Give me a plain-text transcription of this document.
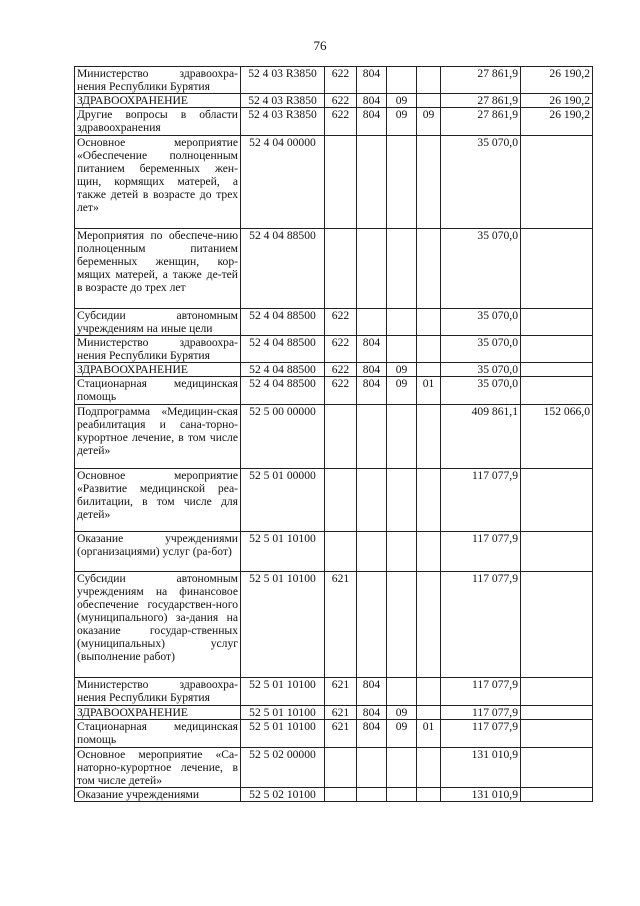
76
Министерство здравоохра-нения Республики Бурятия	52 4 03 R3850	622	804			27 861,9	26 190,2
ЗДРАВООХРАНЕНИЕ	52 4 03 R3850	622	804	09		27 861,9	26 190,2
Другие вопросы в области здравоохранения	52 4 03 R3850	622	804	09	09	27 861,9	26 190,2
Основное мероприятие «Обеспечение полноценным питанием беременных жен-щин, кормящих матерей, а также детей в возрасте до трех лет»	52 4 04 00000					35 070,0	
Мероприятия по обеспече-нию полноценным питанием беременных женщин, кор-мящих матерей, а также де-тей в возрасте до трех лет	52 4 04 88500					35 070,0	
Субсидии автономным учреждениям на иные цели	52 4 04 88500	622				35 070,0	
Министерство здравоохра-нения Республики Бурятия	52 4 04 88500	622	804			35 070,0	
ЗДРАВООХРАНЕНИЕ	52 4 04 88500	622	804	09		35 070,0	
Стационарная медицинская помощь	52 4 04 88500	622	804	09	01	35 070,0	
Подпрограмма «Медицин-ская реабилитация и сана-торно-курортное лечение, в том числе детей»	52 5 00 00000					409 861,1	152 066,0
Основное мероприятие «Развитие медицинской реа-билитации, в том числе для детей»	52 5 01 00000					117 077,9	
Оказание учреждениями (организациями) услуг (ра-бот)	52 5 01 10100					117 077,9	
Субсидии автономным учреждениям на финансовое обеспечение государствен-ного (муниципального) за-дания на оказание государ-ственных (муниципальных) услуг (выполнение работ)	52 5 01 10100	621				117 077,9	
Министерство здравоохра-нения Республики Бурятия	52 5 01 10100	621	804			117 077,9	
ЗДРАВООХРАНЕНИЕ	52 5 01 10100	621	804	09		117 077,9	
Стационарная медицинская помощь	52 5 01 10100	621	804	09	01	117 077,9	
Основное мероприятие «Са-наторно-курортное лечение, в том числе детей»	52 5 02 00000					131 010,9	
Оказание учреждениями	52 5 02 10100					131 010,9	
